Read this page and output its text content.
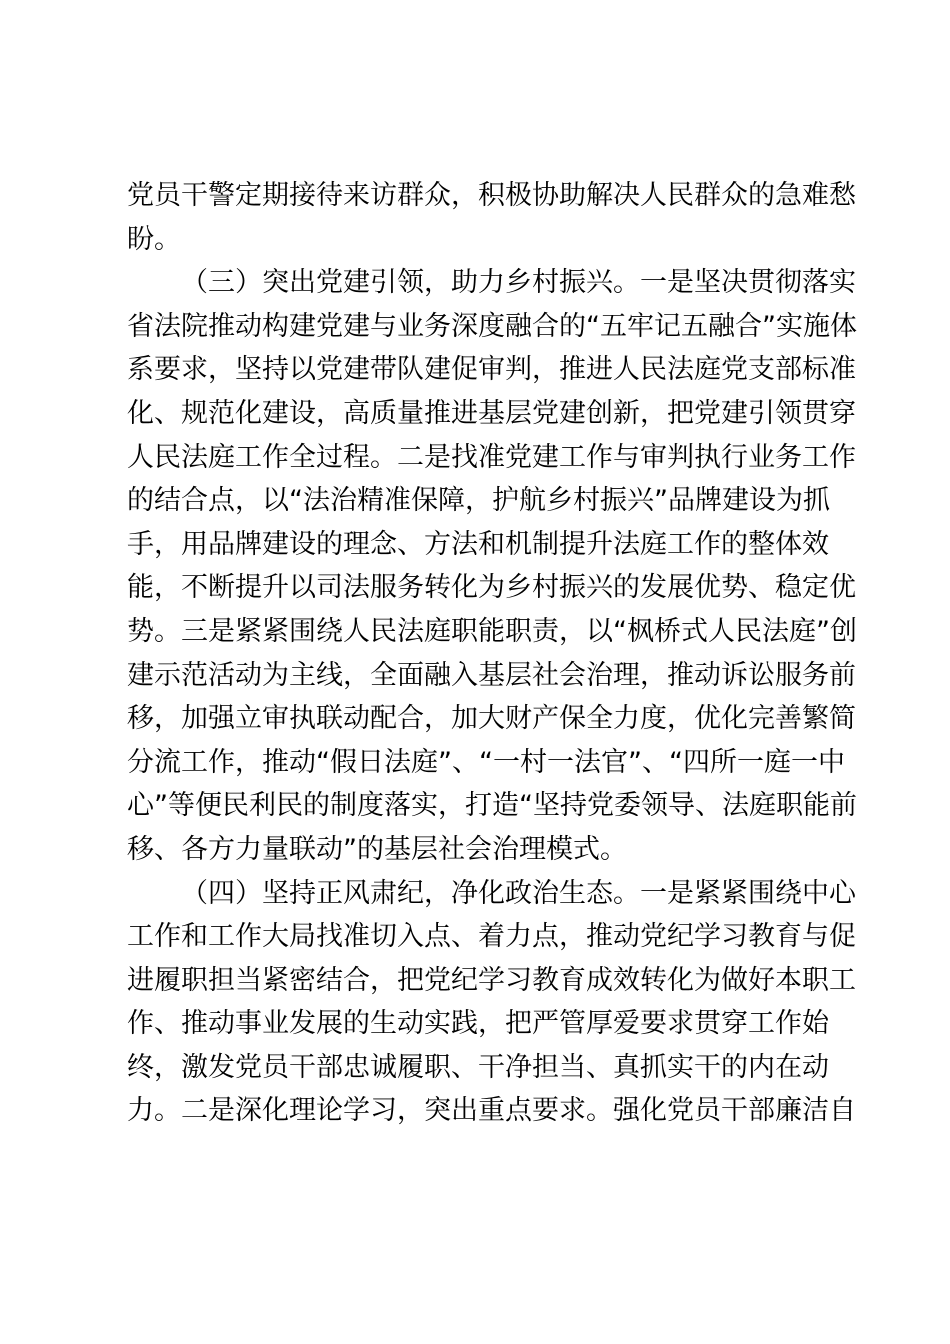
党员干警定期接待来访群众，积极协助解决人民群众的急难愁
盼。
（三）突出党建引领，助力乡村振兴。一是坚决贯彻落实
省法院推动构建党建与业务深度融合的“五牢记五融合”实施体
系要求，坚持以党建带队建促审判，推进人民法庭党支部标准
化、规范化建设，高质量推进基层党建创新，把党建引领贯穿
人民法庭工作全过程。二是找准党建工作与审判执行业务工作
的结合点，以“法治精准保障，护航乡村振兴”品牌建设为抓
手，用品牌建设的理念、方法和机制提升法庭工作的整体效
能，不断提升以司法服务转化为乡村振兴的发展优势、稳定优
势。三是紧紧围绕人民法庭职能职责，以“枫桥式人民法庭”创
建示范活动为主线，全面融入基层社会治理，推动诉讼服务前
移，加强立审执联动配合，加大财产保全力度，优化完善繁简
分流工作，推动“假日法庭”、“一村一法官”、“四所一庭一中
心”等便民利民的制度落实，打造“坚持党委领导、法庭职能前
移、各方力量联动”的基层社会治理模式。
（四）坚持正风肃纪，净化政治生态。一是紧紧围绕中心
工作和工作大局找准切入点、着力点，推动党纪学习教育与促
进履职担当紧密结合，把党纪学习教育成效转化为做好本职工
作、推动事业发展的生动实践，把严管厚爱要求贯穿工作始
终，激发党员干部忠诚履职、干净担当、真抓实干的内在动
力。二是深化理论学习，突出重点要求。强化党员干部廉洁自
